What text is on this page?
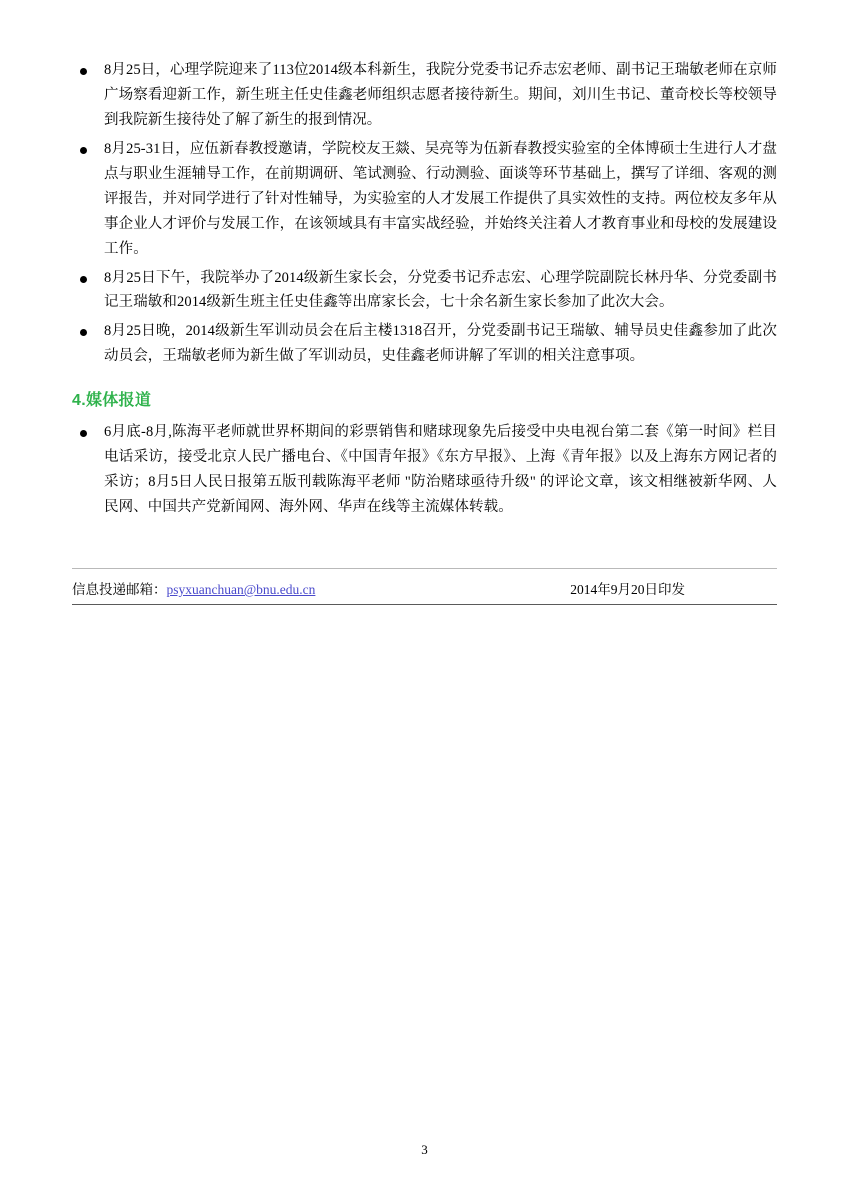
8月25日，心理学院迎来了113位2014级本科新生，我院分党委书记乔志宏老师、副书记王瑞敏老师在京师广场察看迎新工作，新生班主任史佳鑫老师组织志愿者接待新生。期间，刘川生书记、董奇校长等校领导到我院新生接待处了解了新生的报到情况。
8月25-31日，应伍新春教授邀请，学院校友王燚、吴亮等为伍新春教授实验室的全体博硕士生进行人才盘点与职业生涯辅导工作，在前期调研、笔试测验、行动测验、面谈等环节基础上，撰写了详细、客观的测评报告，并对同学进行了针对性辅导，为实验室的人才发展工作提供了具实效性的支持。两位校友多年从事企业人才评价与发展工作，在该领域具有丰富实战经验，并始终关注着人才教育事业和母校的发展建设工作。
8月25日下午，我院举办了2014级新生家长会，分党委书记乔志宏、心理学院副院长林丹华、分党委副书记王瑞敏和2014级新生班主任史佳鑫等出席家长会，七十余名新生家长参加了此次大会。
8月25日晚，2014级新生军训动员会在后主楼1318召开，分党委副书记王瑞敏、辅导员史佳鑫参加了此次动员会，王瑞敏老师为新生做了军训动员，史佳鑫老师讲解了军训的相关注意事项。
4.媒体报道
6月底-8月,陈海平老师就世界杯期间的彩票销售和赌球现象先后接受中央电视台第二套《第一时间》栏目电话采访，接受北京人民广播电台、《中国青年报》《东方早报》、上海《青年报》以及上海东方网记者的采访；8月5日人民日报第五版刊载陈海平老师 "防治赌球亟待升级" 的评论文章，该文相继被新华网、人民网、中国共产党新闻网、海外网、华声在线等主流媒体转载。
信息投递邮箱：psyxuanchuan@bnu.edu.cn	2014年9月20日印发
3
